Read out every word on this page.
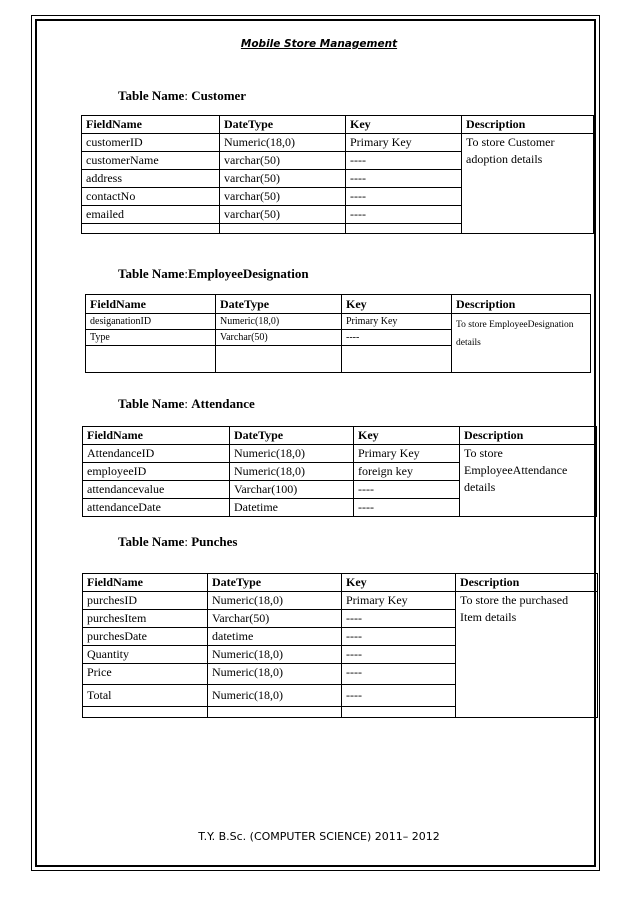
Mobile Store Management
Table Name: Customer
FieldName	DateType	Key	Description
customerID	Numeric(18,0)	Primary Key	To store Customer adoption details
customerName	varchar(50)	----	
address	varchar(50)	----	
contactNo	varchar(50)	----	
emailed	varchar(50)	----	

Table Name:EmployeeDesignation
FieldName	DateType	Key	Description
desiganationID	Numeric(18,0)	Primary Key	To store EmployeeDesignation details
Type	Varchar(50)	----	

Table Name: Attendance
FieldName	DateType	Key	Description
AttendanceID	Numeric(18,0)	Primary Key	To store EmployeeAttendance details
employeeID	Numeric(18,0)	foreign key	
attendancevalue	Varchar(100)	----	
attendanceDate	Datetime	----	
Table Name: Punches
FieldName	DateType	Key	Description
purchesID	Numeric(18,0)	Primary Key	To store the purchased Item details
purchesItem	Varchar(50)	----	
purchesDate	datetime	----	
Quantity	Numeric(18,0)	----	
Price	Numeric(18,0)	----	
Total	Numeric(18,0)	----	

T.Y. B.Sc. (COMPUTER SCIENCE) 2011– 2012
